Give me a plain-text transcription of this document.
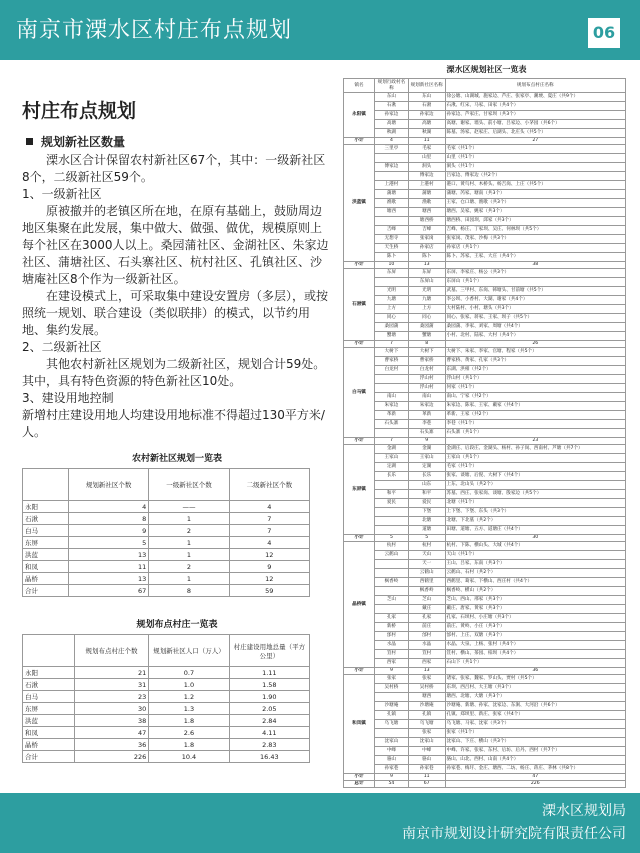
南京市溧水区村庄布点规划	06
村庄布点规划
规划新社区数量

溧水区合计保留农村新社区67个，其中：一级新社区8个，二级新社区59个。

1、一级新社区

原被撤并的老镇区所在地，在原有基础上，鼓励周边地区集聚在此发展，集中做大、做强、做优，规模原则上每个社区在3000人以上。桑园蒲社区、金湖社区、朱家边社区、蒲塘社区、石头寨社区、杭村社区、孔镇社区、沙塘庵社区8个作为一级新社区。

在建设模式上，可采取集中建设安置房（多层），或按照统一规划、联合建设（类似联排）的模式，以节约用地、集约发展。

2、二级新社区

其他农村新社区规划为二级新社区，规划合计59处。其中，具有特色资源的特色新社区10处。

3、建设用地控制

新增村庄建设用地人均建设用地标准不得超过130平方米/人。

农村新社区规划一览表
	规划新社区个数	一级新社区个数	二级新社区个数
永阳	4	——	4
石湫	8	1	7
白马	9	2	7
东屏	5	1	4
洪蓝	13	1	12
和凤	11	2	9
晶桥	13	1	12
合计	67	8	59
规划布点村庄一览表
	规划布点村庄个数	规划新社区人口（万人）	村庄建设用地总量（平方公里）
永阳	21	0.7	1.11
石湫	31	1.0	1.58
白马	23	1.2	1.90
东屏	30	1.3	2.05
洪蓝	38	1.8	2.84
和凤	47	2.6	4.11
晶桥	36	1.8	2.83
合计	226	10.4	16.43
溧水区规划社区一览表
镇名	规划行政村名称	规划新社区名称	规划布点村庄名称
永阳镇	东山	东山	徐公塘、山湖城、施家边、芦庄、张家亭、潮埂、夏庄（共9个）
	石湫	石湫	石湫、红宋、马家、田家（共4个）
	孙家边	孙家边	孙家边、芦家庄、甘家坝（共3个）
	高塘	高塘	高塘、谢家、墙头、前小塘、吕家边、小茅园（共6个）
	秋湖	秋湖	陈墓、汤家、赵家庄、后湖头、北庄头（共5个）
小计	4	11	27
洪蓝镇	三里亭	毛家	毛家（共1个）
		山里	山里（共1个）
	傅家边	洞头	洞头（共1个）
		傅家边	吕家边、傅家边（共2个）
	上港村	上港村	港口、黄鸟村、木桥头、杨吉岗、上庄（共5个）
	蒲塘	蒲塘	蒲塘、芮家、塘南（共3个）
	渔歌	渔歌	王家、仓口塘、渔歌（共3个）
	塘西	塘西	塘西、吴家、姚家（共3个）
		塘西桥	塘西桥、田园坝、邱家（共3个）
	吉峰	吉峰	吉峰、杨庄、丁家坝、吴庄、何林坝（共5个）
	无想寺	张家岗	张家岗、茂家、沙梅（共3个）
	天生桥	孙家店	孙家店（共1个）
	陈卜	陈卜	陈卜、苏家、王家、大庄（共4个）
小计	10	13	38
石湫镇	东屏	东屏	东屏、李家庄、杨公（共3个）
		东屏山	东屏山（共1个）
	光明	光明	武墓、三甲村、东岗、韩塘头、甘前塘（共5个）
	九塘	九塘	李公坝、小香村、大湖、谢家（共4个）
	上方	上方	大村陆村、小村、塘头（共3个）
	同心	同心	同心、张家、蒋家、王家、坝子（共5个）
	桑园蒲	桑园蒲	桑园蒲、李家、刘家、周塘（共4个）
	蟹塘	蟹塘	小村、北村、陆家、大村（共4个）
小计	7	8	26
白马镇	大树下	大树下	大树下、朱家、李家、官塘、程家（共5个）
	曹家桥	曹家桥	曹家桥、黄家、孔家（共3个）
	白龙村	白龙村	东湖、洪相（共2个）
		浮山村	浮山村（共1个）
		浮山村	何家（共1个）
	南山	南山	南山、宁家（共2个）
	朱家边	朱家边	朱家边、陈家、王家、戴家（共4个）
	革新	革新	革新、王家（共2个）
	石头寨	李巷	李巷（共1个）
		石头寨	石头寨（共1个）
小计	7	9	23
东屏镇	金湖	金湖	金湖庄、后段庄、金湖头、杨村、孙子岗、西南村、芦塘（共7个）
	王家山	王家山	王家山（共1个）
	定湖	定湖	毛家（共1个）
	长乐	长乐	张家、谈塘、后倪、大树下（共4个）
		山东	上东、北山头（共2个）
	和平	和平	苏墓、西庄、张家岗、谈塘、殷家边（共5个）
	爱民	爱民	北塘（共1个）
		下堡	上下堡、下堡、东头（共3个）
		北塘	北塘、下北墓（共2个）
		道塘	田塘、道塘、五方、道塘庄（共4个）
小计	5	5	30
晶桥镇	杭村	杭村	杭村、下陈、横山头、大城（共4个）
	云鹤山	天山	天山（共1个）
		天一	王山、吕家、东南（共3个）
		云鹤山	云鹤山、石村（共2个）
	枫香岭	西鹤里	西鹤里、葛家、下横山、西庄村（共4个）
		枫香岭	枫香岭、横山（共2个）
	芝山	芝山	芝山、西山、邢家（共3个）
		戴庄	戴庄、唐家、黄家（共3个）
	孔家	孔家	孔家、石坝村、小庄塘（共3个）
	新桥	前庄	前庄、黄岭、小庄（共3个）
	邰村	邰村	邰村、上庄、双塘（共3个）
	水晶	水晶	水晶、大泉、上杨、张村（共4个）
	笪村	笪村	笪村、横山、茶园、柏坝（共4个）
	西家	西家	石山下（共1个）
小计	9	13	36
和凤镇	张家	张家	诸家、张家、魏家、罗山头、贾村（共5个）
	吴村桥	吴村桥	东坝、西吕村、大王塘（共3个）
		塘西	塘西、北塘、大塘（共3个）
	沙塘庵	沙塘庵	沙塘庵、新塘、孙家、沈家边、东涧、大河沿（共6个）
	孔镇	孔镇	孔镇、郑坝里、新庄、张家（共4个）
	乌飞塘	乌飞塘	乌飞塘、马家、沈家（共3个）
		张家	张家（共1个）
	沈家山	沈家山	沈家山、下庄、横山（共3个）
	中峰	中峰	中峰、许家、张家、东村、后坊、后丹、西村（共7个）
	骆山	骆山	骆山、山北、西村、山南（共4个）
	孙家巷	孙家巷	孙家巷、梅圩、金庄、塘西、二坊、杨庄、蒋庄、茅林（共8个）
小计	9	11	47
总计	54	67	226
溧水区规划局
南京市规划设计研究院有限责任公司
